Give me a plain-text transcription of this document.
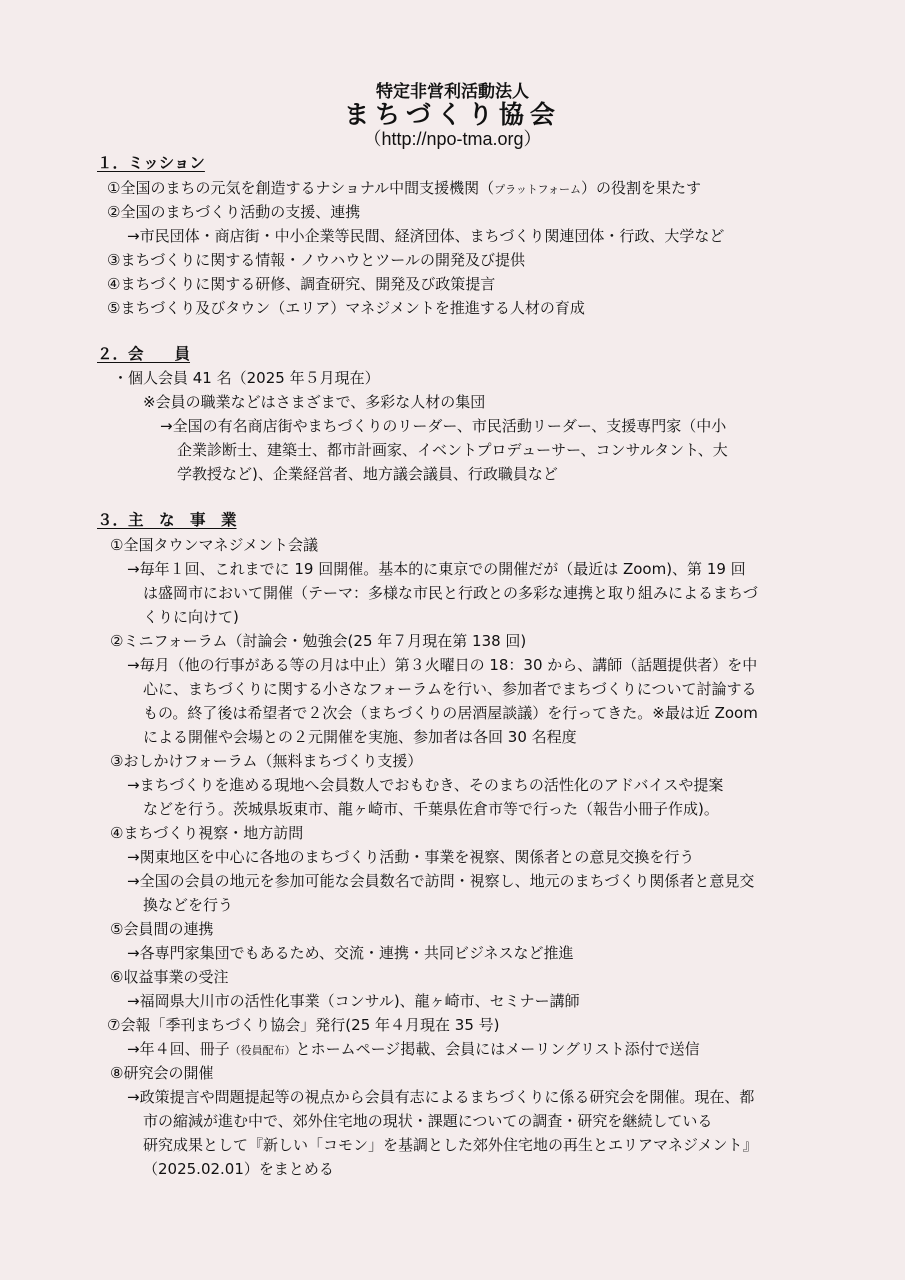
特定非営利活動法人
まちづくり協会
（http://npo-tma.org）
１．ミッション
①全国のまちの元気を創造するナショナル中間支援機関（プラットフォーム）の役割を果たす
②全国のまちづくり活動の支援、連携
→市民団体・商店街・中小企業等民間、経済団体、まちづくり関連団体・行政、大学など
③まちづくりに関する情報・ノウハウとツールの開発及び提供
④まちづくりに関する研修、調査研究、開発及び政策提言
⑤まちづくり及びタウン（エリア）マネジメントを推進する人材の育成
２．会　　員
・個人会員 41 名（2025 年５月現在）
※会員の職業などはさまざまで、多彩な人材の集団
→全国の有名商店街やまちづくりのリーダー、市民活動リーダー、支援専門家（中小
企業診断士、建築士、都市計画家、イベントプロデューサー、コンサルタント、大
学教授など)、企業経営者、地方議会議員、行政職員など
３．主　な　事　業
①全国タウンマネジメント会議
→毎年１回、これまでに 19 回開催。基本的に東京での開催だが（最近は Zoom)、第 19 回
は盛岡市において開催（テーマ：多様な市民と行政との多彩な連携と取り組みによるまちづ
くりに向けて)
②ミニフォーラム（討論会・勉強会(25 年７月現在第 138 回)
→毎月（他の行事がある等の月は中止）第３火曜日の 18：30 から、講師（話題提供者）を中
心に、まちづくりに関する小さなフォーラムを行い、参加者でまちづくりについて討論する
もの。終了後は希望者で２次会（まちづくりの居酒屋談議）を行ってきた。※最は近 Zoom
による開催や会場との２元開催を実施、参加者は各回 30 名程度
③おしかけフォーラム（無料まちづくり支援）
→まちづくりを進める現地へ会員数人でおもむき、そのまちの活性化のアドバイスや提案
などを行う。茨城県坂東市、龍ヶ崎市、千葉県佐倉市等で行った（報告小冊子作成)。
④まちづくり視察・地方訪問
→関東地区を中心に各地のまちづくり活動・事業を視察、関係者との意見交換を行う
→全国の会員の地元を参加可能な会員数名で訪問・視察し、地元のまちづくり関係者と意見交
換などを行う
⑤会員間の連携
→各専門家集団でもあるため、交流・連携・共同ビジネスなど推進
⑥収益事業の受注
→福岡県大川市の活性化事業（コンサル)、龍ヶ崎市、セミナー講師
⑦会報「季刊まちづくり協会」発行(25 年４月現在 35 号)
→年４回、冊子（役員配布）とホームページ掲載、会員にはメーリングリスト添付で送信
⑧研究会の開催
→政策提言や問題提起等の視点から会員有志によるまちづくりに係る研究会を開催。現在、都
市の縮減が進む中で、郊外住宅地の現状・課題についての調査・研究を継続している
研究成果として『新しい「コモン」を基調とした郊外住宅地の再生とエリアマネジメント』
（2025.02.01）をまとめる
